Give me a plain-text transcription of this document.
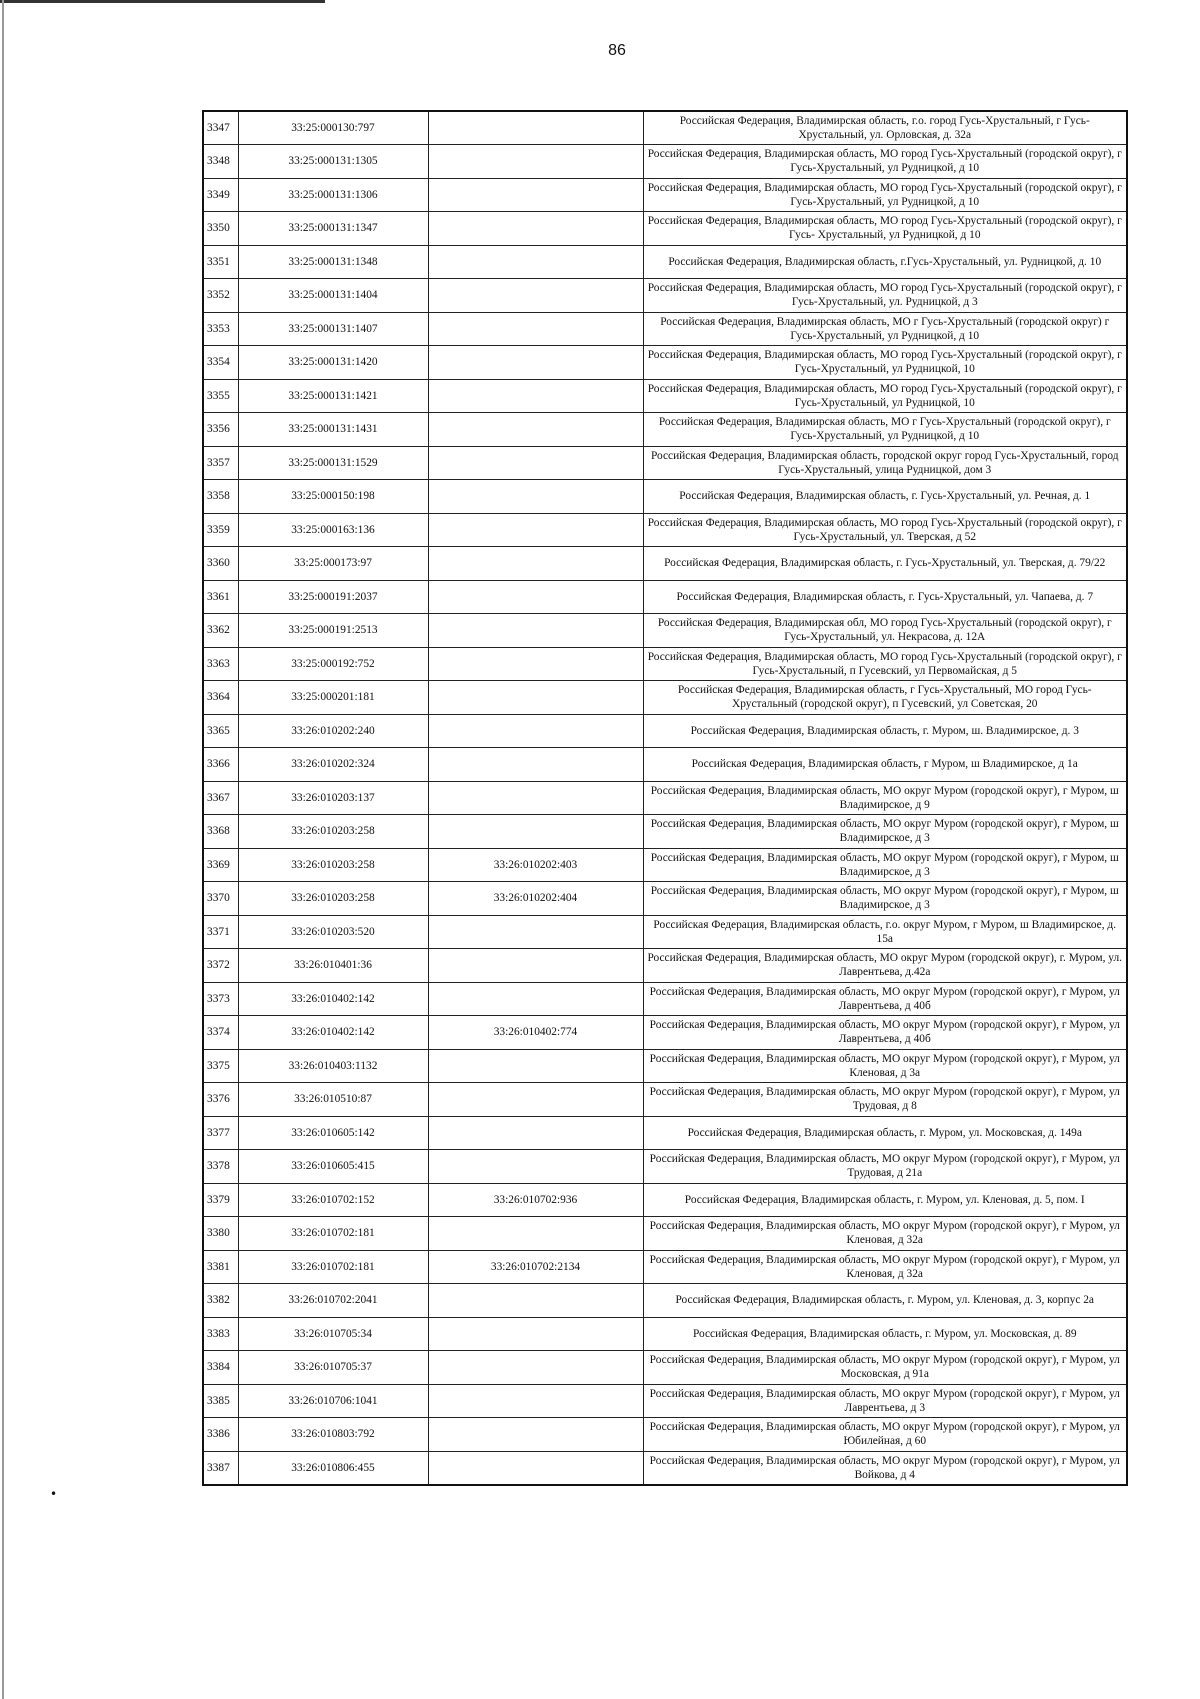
•
86
3347	33:25:000130:797		Российская Федерация, Владимирская область, г.о. город Гусь-Хрустальный, г Гусь-Хрустальный, ул. Орловская, д. 32а
3348	33:25:000131:1305		Российская Федерация, Владимирская область, МО город Гусь-Хрустальный (городской округ), г Гусь-Хрустальный, ул Рудницкой, д 10
3349	33:25:000131:1306		Российская Федерация, Владимирская область, МО город Гусь-Хрустальный (городской округ), г Гусь-Хрустальный, ул Рудницкой, д 10
3350	33:25:000131:1347		Российская Федерация, Владимирская область, МО город Гусь-Хрустальный (городской округ), г Гусь- Хрустальный, ул Рудницкой, д 10
3351	33:25:000131:1348		Российская Федерация, Владимирская область, г.Гусь-Хрустальный, ул. Рудницкой, д. 10
3352	33:25:000131:1404		Российская Федерация, Владимирская область, МО город Гусь-Хрустальный (городской округ), г Гусь-Хрустальный, ул. Рудницкой, д 3
3353	33:25:000131:1407		Российская Федерация, Владимирская область, МО г Гусь-Хрустальный (городской округ) г Гусь-Хрустальный, ул Рудницкой, д 10
3354	33:25:000131:1420		Российская Федерация, Владимирская область, МО город Гусь-Хрустальный (городской округ), г Гусь-Хрустальный, ул Рудницкой, 10
3355	33:25:000131:1421		Российская Федерация, Владимирская область, МО город Гусь-Хрустальный (городской округ), г Гусь-Хрустальный, ул Рудницкой, 10
3356	33:25:000131:1431		Российская Федерация, Владимирская область, МО г Гусь-Хрустальный (городской округ), г Гусь-Хрустальный, ул Рудницкой, д 10
3357	33:25:000131:1529		Российская Федерация, Владимирская область, городской округ город Гусь-Хрустальный, город Гусь-Хрустальный, улица Рудницкой, дом 3
3358	33:25:000150:198		Российская Федерация, Владимирская область, г. Гусь-Хрустальный, ул. Речная, д. 1
3359	33:25:000163:136		Российская Федерация, Владимирская область, МО город Гусь-Хрустальный (городской округ), г Гусь-Хрустальный, ул. Тверская, д 52
3360	33:25:000173:97		Российская Федерация, Владимирская область, г. Гусь-Хрустальный, ул. Тверская, д. 79/22
3361	33:25:000191:2037		Российская Федерация, Владимирская область, г. Гусь-Хрустальный, ул. Чапаева, д. 7
3362	33:25:000191:2513		Российская Федерация, Владимирская обл, МО город Гусь-Хрустальный (городской округ), г Гусь-Хрустальный, ул. Некрасова, д. 12А
3363	33:25:000192:752		Российская Федерация, Владимирская область, МО город Гусь-Хрустальный (городской округ), г Гусь-Хрустальный, п Гусевский, ул Первомайская, д 5
3364	33:25:000201:181		Российская Федерация, Владимирская область, г Гусь-Хрустальный, МО город Гусь-Хрустальный (городской округ), п Гусевский, ул Советская, 20
3365	33:26:010202:240		Российская Федерация, Владимирская область, г. Муром, ш. Владимирское, д. 3
3366	33:26:010202:324		Российская Федерация, Владимирская область, г Муром, ш Владимирское, д 1а
3367	33:26:010203:137		Российская Федерация, Владимирская область, МО округ Муром (городской округ), г Муром, ш Владимирское, д 9
3368	33:26:010203:258		Российская Федерация, Владимирская область, МО округ Муром (городской округ), г Муром, ш Владимирское, д 3
3369	33:26:010203:258	33:26:010202:403	Российская Федерация, Владимирская область, МО округ Муром (городской округ), г Муром, ш Владимирское, д 3
3370	33:26:010203:258	33:26:010202:404	Российская Федерация, Владимирская область, МО округ Муром (городской округ), г Муром, ш Владимирское, д 3
3371	33:26:010203:520		Российская Федерация, Владимирская область, г.о. округ Муром, г Муром, ш Владимирское, д. 15а
3372	33:26:010401:36		Российская Федерация, Владимирская область, МО округ Муром (городской округ), г. Муром, ул. Лаврентьева, д.42а
3373	33:26:010402:142		Российская Федерация, Владимирская область, МО округ Муром (городской округ), г Муром, ул Лаврентьева, д 40б
3374	33:26:010402:142	33:26:010402:774	Российская Федерация, Владимирская область, МО округ Муром (городской округ), г Муром, ул Лаврентьева, д 40б
3375	33:26:010403:1132		Российская Федерация, Владимирская область, МО округ Муром (городской округ), г Муром, ул Кленовая, д 3а
3376	33:26:010510:87		Российская Федерация, Владимирская область, МО округ Муром (городской округ), г Муром, ул Трудовая, д 8
3377	33:26:010605:142		Российская Федерация, Владимирская область, г. Муром, ул. Московская, д. 149а
3378	33:26:010605:415		Российская Федерация, Владимирская область, МО округ Муром (городской округ), г Муром, ул Трудовая, д 21а
3379	33:26:010702:152	33:26:010702:936	Российская Федерация, Владимирская область, г. Муром, ул. Кленовая, д. 5, пом. I
3380	33:26:010702:181		Российская Федерация, Владимирская область, МО округ Муром (городской округ), г Муром, ул Кленовая, д 32а
3381	33:26:010702:181	33:26:010702:2134	Российская Федерация, Владимирская область, МО округ Муром (городской округ), г Муром, ул Кленовая, д 32а
3382	33:26:010702:2041		Российская Федерация, Владимирская область, г. Муром, ул. Кленовая, д. 3, корпус 2а
3383	33:26:010705:34		Российская Федерация, Владимирская область, г. Муром, ул. Московская, д. 89
3384	33:26:010705:37		Российская Федерация, Владимирская область, МО округ Муром (городской округ), г Муром, ул Московская, д 91а
3385	33:26:010706:1041		Российская Федерация, Владимирская область, МО округ Муром (городской округ), г Муром, ул Лаврентьева, д 3
3386	33:26:010803:792		Российская Федерация, Владимирская область, МО округ Муром (городской округ), г Муром, ул Юбилейная, д 60
3387	33:26:010806:455		Российская Федерация, Владимирская область, МО округ Муром (городской округ), г Муром, ул Войкова, д 4
